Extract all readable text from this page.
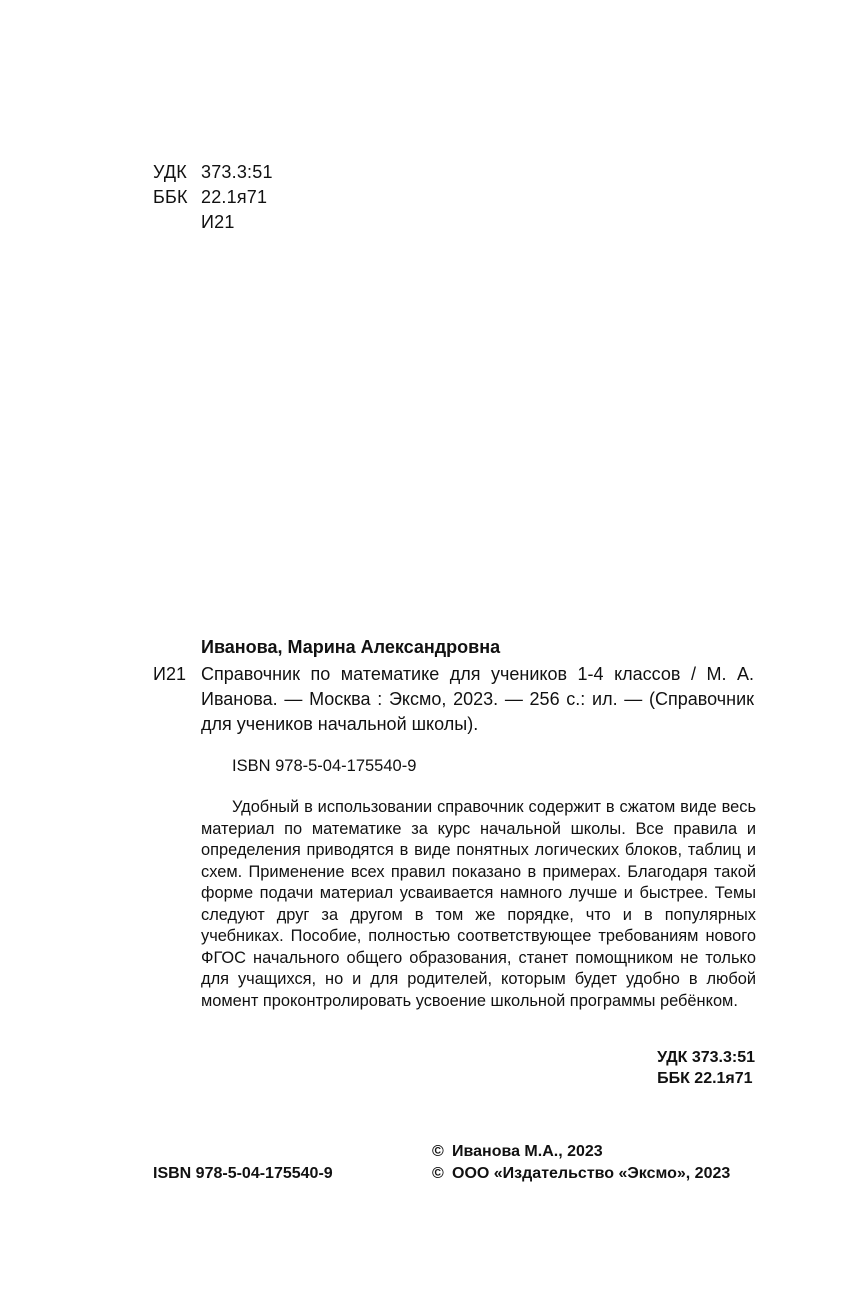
УДК 373.3:51
ББК 22.1я71
И21
Иванова, Марина Александровна
И21 Справочник по математике для учеников 1-4 классов / М. А. Иванова. — Москва : Эксмо, 2023. — 256 с.: ил. — (Справочник для учеников начальной школы).
ISBN 978-5-04-175540-9
Удобный в использовании справочник содержит в сжатом виде весь материал по математике за курс начальной школы. Все правила и определения приводятся в виде понятных логических блоков, таблиц и схем. Применение всех правил показано в примерах. Благодаря такой форме подачи материал усваивается намного лучше и быстрее. Темы следуют друг за другом в том же порядке, что и в популярных учебниках. Пособие, полностью соответствующее требованиям нового ФГОС начального общего образования, станет помощником не только для учащихся, но и для родителей, которым будет удобно в любой момент проконтролировать усвоение школьной программы ребёнком.
УДК 373.3:51
ББК 22.1я71
© Иванова М.А., 2023
© ООО «Издательство «Эксмо», 2023
ISBN 978-5-04-175540-9
